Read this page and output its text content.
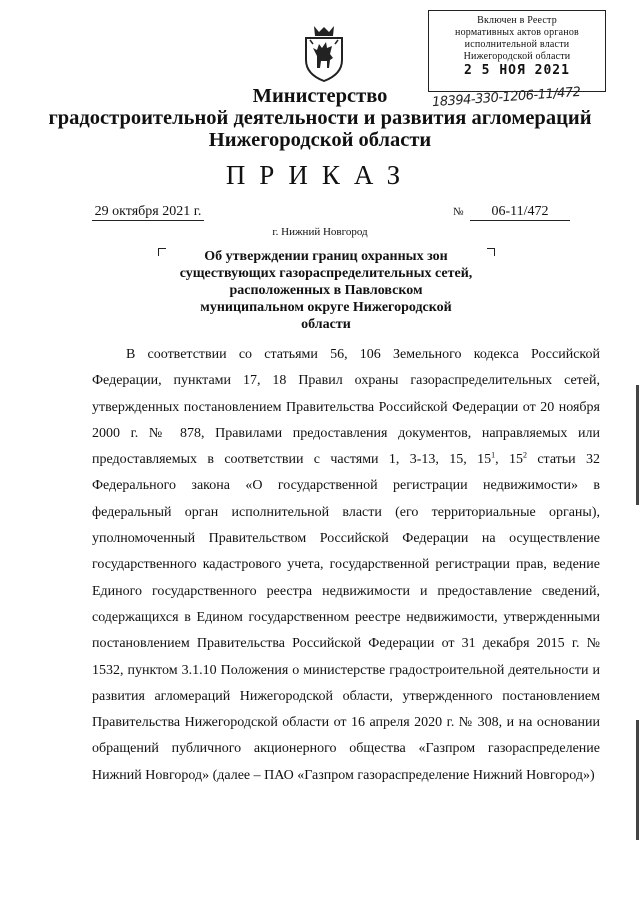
Включен в Реестр
нормативных актов органов
исполнительной власти
Нижегородской области
2 5 НОЯ 2021
18394-330-1206-11/472
Министерство
градостроительной деятельности и развития агломераций
Нижегородской области
ПРИКАЗ
29 октября 2021 г.	№	06-11/472
г. Нижний Новгород
Об утверждении границ охранных зон
существующих газораспределительных сетей,
расположенных в Павловском
муниципальном округе Нижегородской
области

В соответствии со статьями 56, 106 Земельного кодекса Российской Федерации, пунктами 17, 18 Правил охраны газораспределительных сетей, утвержденных постановлением Правительства Российской Федерации от 20 ноября 2000 г. № 878, Правилами предоставления документов, направляемых или предоставляемых в соответствии с частями 1, 3-13, 15, $15^1$, $15^2$ статьи 32 Федерального закона «О государственной регистрации недвижимости» в федеральный орган исполнительной власти (его территориальные органы), уполномоченный Правительством Российской Федерации на осуществление государственного кадастрового учета, государственной регистрации прав, ведение Единого государственного реестра недвижимости и предоставление сведений, содержащихся в Едином государственном реестре недвижимости, утвержденными постановлением Правительства Российской Федерации от 31 декабря 2015 г. № 1532, пунктом 3.1.10 Положения о министерстве градостроительной деятельности и развития агломераций Нижегородской области, утвержденного постановлением Правительства Нижегородской области от 16 апреля 2020 г. № 308, и на основании обращений публичного акционерного общества «Газпром газораспределение Нижний Новгород» (далее – ПАО «Газпром газораспределение Нижний Новгород»)
